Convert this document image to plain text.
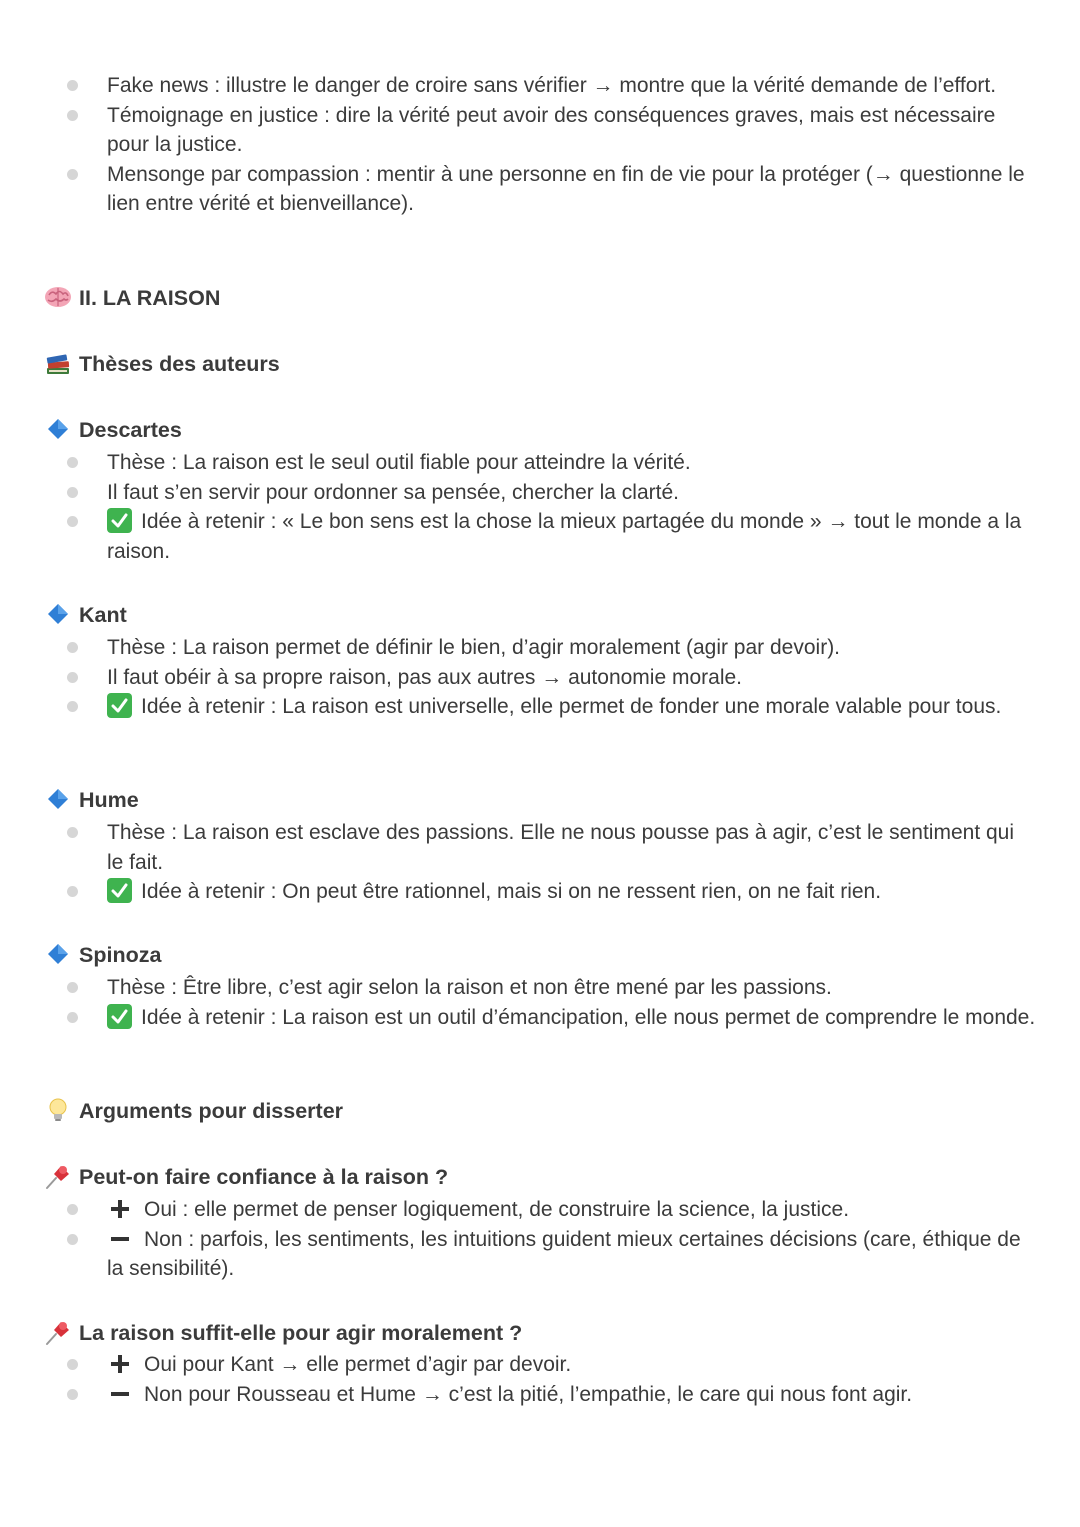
Fake news : illustre le danger de croire sans vérifier → montre que la vérité demande de l’effort.
Témoignage en justice : dire la vérité peut avoir des conséquences graves, mais est nécessaire pour la justice.
Mensonge par compassion : mentir à une personne en fin de vie pour la protéger (→ questionne le lien entre vérité et bienveillance).
II. LA RAISON
Thèses des auteurs
Descartes
Thèse : La raison est le seul outil fiable pour atteindre la vérité.
Il faut s’en servir pour ordonner sa pensée, chercher la clarté.
Idée à retenir : « Le bon sens est la chose la mieux partagée du monde » → tout le monde a la raison.
Kant
Thèse : La raison permet de définir le bien, d’agir moralement (agir par devoir).
Il faut obéir à sa propre raison, pas aux autres → autonomie morale.
Idée à retenir : La raison est universelle, elle permet de fonder une morale valable pour tous.
Hume
Thèse : La raison est esclave des passions. Elle ne nous pousse pas à agir, c’est le sentiment qui le fait.
Idée à retenir : On peut être rationnel, mais si on ne ressent rien, on ne fait rien.
Spinoza
Thèse : Être libre, c’est agir selon la raison et non être mené par les passions.
Idée à retenir : La raison est un outil d’émancipation, elle nous permet de comprendre le monde.
Arguments pour disserter
Peut-on faire confiance à la raison ?
Oui : elle permet de penser logiquement, de construire la science, la justice.
Non : parfois, les sentiments, les intuitions guident mieux certaines décisions (care, éthique de la sensibilité).
La raison suffit-elle pour agir moralement ?
Oui pour Kant → elle permet d’agir par devoir.
Non pour Rousseau et Hume → c’est la pitié, l’empathie, le care qui nous font agir.
